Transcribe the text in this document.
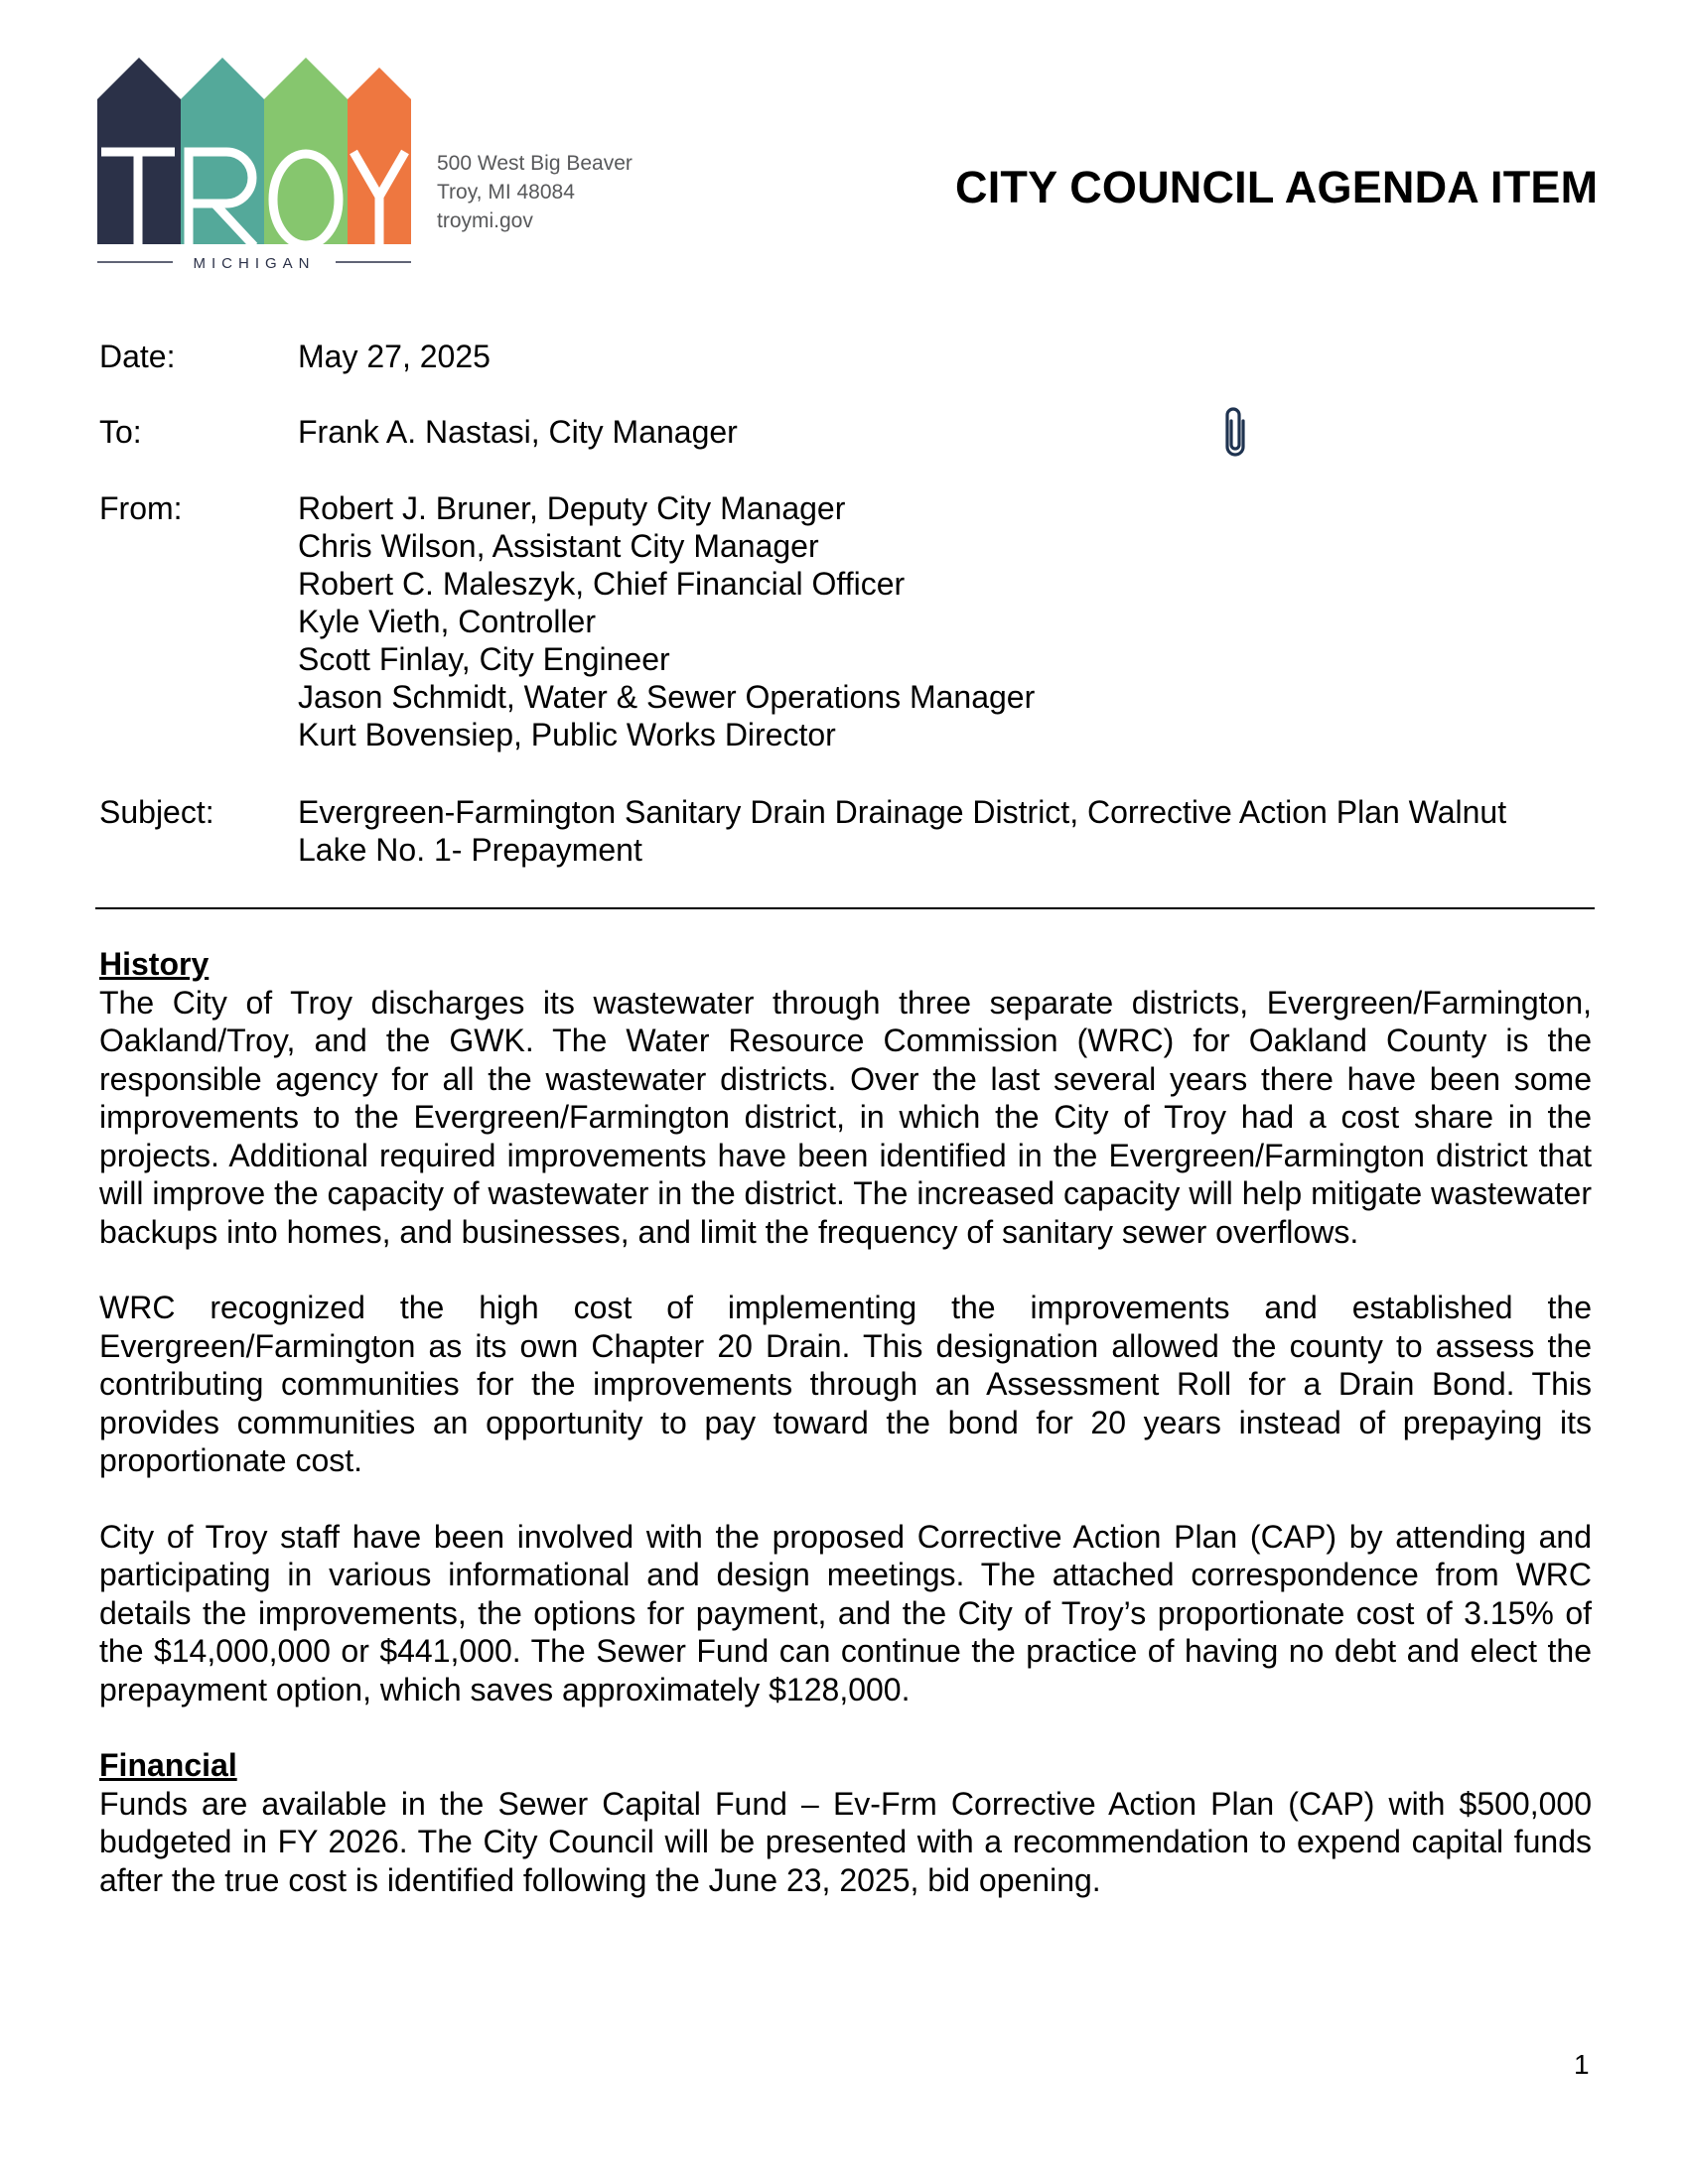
MICHIGAN
500 West Big Beaver
Troy, MI 48084
troymi.gov
CITY COUNCIL AGENDA ITEM
Date:	May 27, 2025
To:	Frank A. Nastasi, City Manager
From:	Robert J. Bruner, Deputy City Manager
Chris Wilson, Assistant City Manager
Robert C. Maleszyk, Chief Financial Officer
Kyle Vieth, Controller
Scott Finlay, City Engineer
Jason Schmidt, Water & Sewer Operations Manager
Kurt Bovensiep, Public Works Director
Subject:	Evergreen-Farmington Sanitary Drain Drainage District, Corrective Action Plan Walnut
Lake No. 1- Prepayment
History
The City of Troy discharges its wastewater through three separate districts, Evergreen/Farmington, Oakland/Troy, and the GWK. The Water Resource Commission (WRC) for Oakland County is the responsible agency for all the wastewater districts. Over the last several years there have been some improvements to the Evergreen/Farmington district, in which the City of Troy had a cost share in the projects. Additional required improvements have been identified in the Evergreen/Farmington district that will improve the capacity of wastewater in the district. The increased capacity will help mitigate wastewater backups into homes, and businesses, and limit the frequency of sanitary sewer overflows.
WRC recognized the high cost of implementing the improvements and established the Evergreen/Farmington as its own Chapter 20 Drain. This designation allowed the county to assess the contributing communities for the improvements through an Assessment Roll for a Drain Bond. This provides communities an opportunity to pay toward the bond for 20 years instead of prepaying its proportionate cost.
City of Troy staff have been involved with the proposed Corrective Action Plan (CAP) by attending and participating in various informational and design meetings. The attached correspondence from WRC details the improvements, the options for payment, and the City of Troy’s proportionate cost of 3.15% of the $14,000,000 or $441,000. The Sewer Fund can continue the practice of having no debt and elect the prepayment option, which saves approximately $128,000.
Financial
Funds are available in the Sewer Capital Fund – Ev-Frm Corrective Action Plan (CAP) with $500,000 budgeted in FY 2026. The City Council will be presented with a recommendation to expend capital funds after the true cost is identified following the June 23, 2025, bid opening.
1
